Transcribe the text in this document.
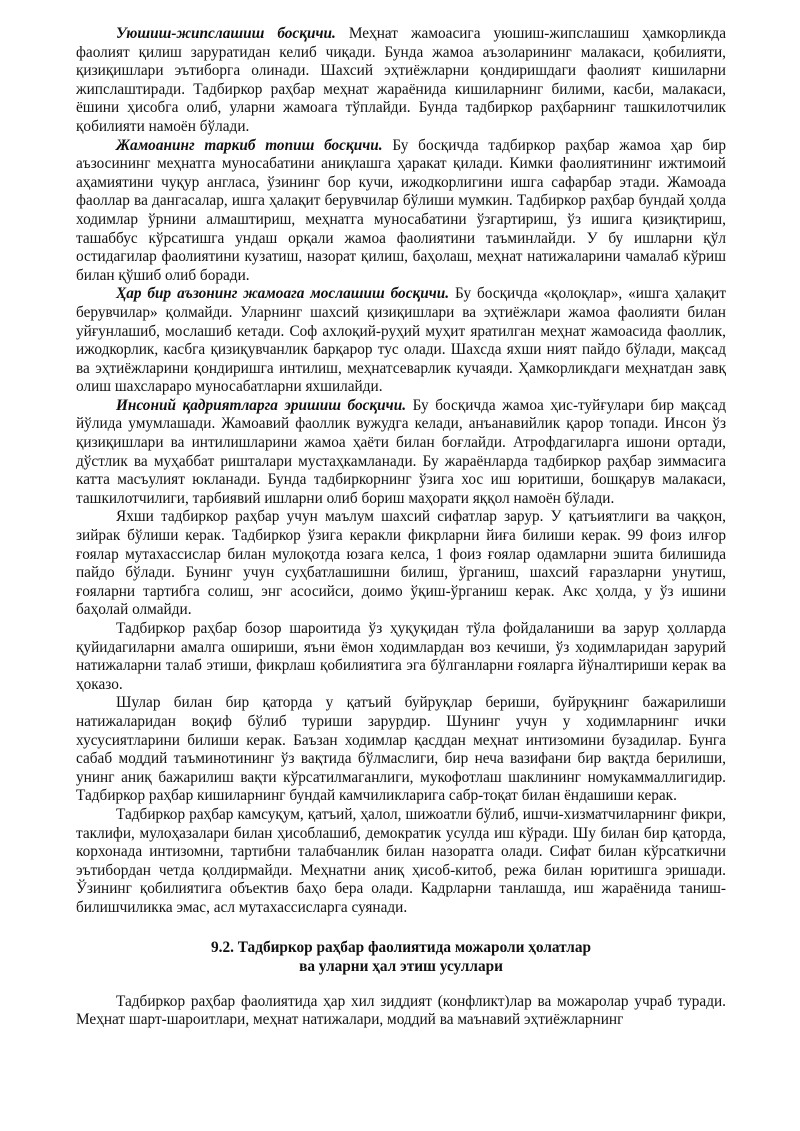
Уюшиш-жипслашиш босқичи. Меҳнат жамоасига уюшиш-жипслашиш ҳамкорликда фаолият қилиш заруратидан келиб чиқади. Бунда жамоа аъзоларининг малакаси, қобилияти, қизиқишлари эътиборга олинади. Шахсий эҳтиёжларни қондиришдаги фаолият кишиларни жипслаштиради. Тадбиркор раҳбар меҳнат жараёнида кишиларнинг билими, касби, малакаси, ёшини ҳисобга олиб, уларни жамоага тўплайди. Бунда тадбиркор раҳбарнинг ташкилотчилик қобилияти намоён бўлади.

Жамоанинг таркиб топиш босқичи. Бу босқичда тадбиркор раҳбар жамоа ҳар бир аъзосининг меҳнатга муносабатини аниқлашга ҳаракат қилади. Кимки фаолиятининг ижтимоий аҳамиятини чуқур англаса, ўзининг бор кучи, ижодкорлигини ишга сафарбар этади. Жамоада фаоллар ва дангасалар, ишга ҳалақит берувчилар бўлиши мумкин. Тадбиркор раҳбар бундай ҳолда ходимлар ўрнини алмаштириш, меҳнатга муносабатини ўзгартириш, ўз ишига қизиқтириш, ташаббус кўрсатишга ундаш орқали жамоа фаолиятини таъминлайди. У бу ишларни қўл остидагилар фаолиятини кузатиш, назорат қилиш, баҳолаш, меҳнат натижаларини чамалаб кўриш билан қўшиб олиб боради.

Ҳар бир аъзонинг жамоага мослашиш босқичи. Бу босқичда «қолоқлар», «ишга ҳалақит берувчилар» қолмайди. Уларнинг шахсий қизиқишлари ва эҳтиёжлари жамоа фаолияти билан уйғунлашиб, мослашиб кетади. Соф ахлоқий-руҳий муҳит яратилган меҳнат жамоасида фаоллик, ижодкорлик, касбга қизиқувчанлик барқарор тус олади. Шахсда яхши ният пайдо бўлади, мақсад ва эҳтиёжларини қондиришга интилиш, меҳнатсеварлик кучаяди. Ҳамкорликдаги меҳнатдан завқ олиш шахсларaро муносабатларни яхшилайди.

Инсоний қадриятларга эришиш босқичи. Бу босқичда жамоа ҳис-туйғулари бир мақсад йўлида умумлашади. Жамоавий фаоллик вужудга келади, анъанавийлик қарор топади. Инсон ўз қизиқишлари ва интилишларини жамоа ҳаёти билан боғлайди. Атрофдагиларга ишони ортади, дўстлик ва муҳаббат ришталари мустаҳкамланади. Бу жараёнларда тадбиркор раҳбар зиммасига катта масъулият юкланади. Бунда тадбиркорнинг ўзига хос иш юритиши, бошқарув малакаси, ташкилотчилиги, тарбиявий ишларни олиб бориш маҳорати яққол намоён бўлади.

Яхши тадбиркор раҳбар учун маълум шахсий сифатлар зарур. У қатъиятлиги ва чаққон, зийрак бўлиши керак. Тадбиркор ўзига керакли фикрларни йиға билиши керак. 99 фоиз илғор ғоялар мутахассислар билан мулоқотда юзага келса, 1 фоиз ғоялар одамларни эшита билишида пайдо бўлади. Бунинг учун суҳбатлашишни билиш, ўрганиш, шахсий ғаразларни унутиш, ғояларни тартибга солиш, энг асосийси, доимо ўқиш-ўрганиш керак. Акс ҳолда, у ўз ишини баҳолай олмайди.

Тадбиркор раҳбар бозор шароитида ўз ҳуқуқидан тўла фойдаланиши ва зарур ҳолларда қуйидагиларни амалга ошириши, яъни ёмон ходимлардан воз кечиши, ўз ходимларидан зарурий натижаларни талаб этиши, фикрлаш қобилиятига эга бўлганларни ғояларга йўналтириши керак ва ҳоказо.

Шулар билан бир қаторда у қатъий буйруқлар бериши, буйруқнинг бажарилиши натижаларидан воқиф бўлиб туриши зарурдир. Шунинг учун у ходимларнинг ички хусусиятларини билиши керак. Баъзан ходимлар қасддан меҳнат интизомини бузадилар. Бунга сабаб моддий таъминотининг ўз вақтида бўлмаслиги, бир неча вазифани бир вақтда берилиши, унинг аниқ бажарилиш вақти кўрсатилмаганлиги, мукофотлаш шаклининг номукаммаллигидир. Тадбиркор раҳбар кишиларнинг бундай камчиликларига сабр-тоқат билан ёндашиши керак.

Тадбиркор раҳбар камсуқум, қатъий, ҳалол, шижоатли бўлиб, ишчи-хизматчиларнинг фикри, таклифи, мулоҳазалари билан ҳисоблашиб, демократик усулда иш кўради. Шу билан бир қаторда, корхонада интизомни, тартибни талабчанлик билан назоратга олади. Сифат билан кўрсаткични эътибордан четда қолдирмайди. Меҳнатни аниқ ҳисоб-китоб, режа билан юритишга эришади. Ўзининг қобилиятига объектив баҳо бера олади. Кадрларни танлашда, иш жараёнида таниш-билишчиликка эмас, асл мутахассисларга суянади.

9.2. Тадбиркор раҳбар фаолиятида можароли ҳолатлар
ва уларни ҳал этиш усуллари

Тадбиркор раҳбар фаолиятида ҳар хил зиддият (конфликт)лар ва можаролар учраб туради. Меҳнат шарт-шароитлари, меҳнат натижалари, моддий ва маънавий эҳтиёжларнинг
